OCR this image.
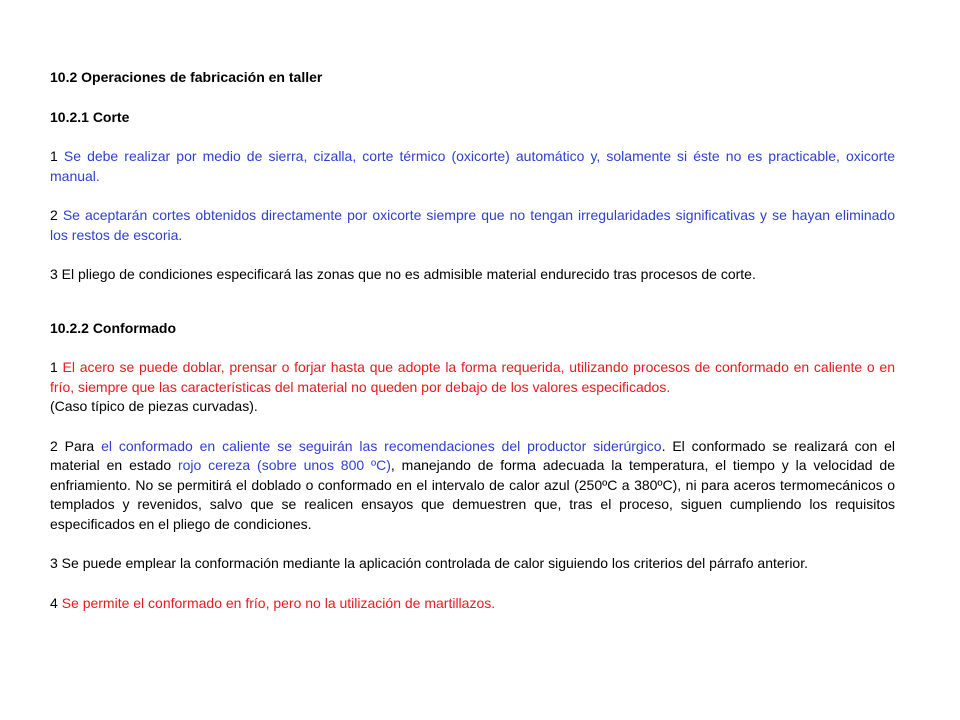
10.2 Operaciones de fabricación en taller

10.2.1 Corte

1 Se debe realizar por medio de sierra, cizalla, corte térmico (oxicorte) automático y, solamente si éste no es practicable, oxicorte manual.

2 Se aceptarán cortes obtenidos directamente por oxicorte siempre que no tengan irregularidades significativas y se hayan eliminado los restos de escoria.

3 El pliego de condiciones especificará las zonas que no es admisible material endurecido tras procesos de corte.

10.2.2 Conformado

1 El acero se puede doblar, prensar o forjar hasta que adopte la forma requerida, utilizando procesos de conformado en caliente o en frío, siempre que las características del material no queden por debajo de los valores especificados.

(Caso típico de piezas curvadas).

2 Para el conformado en caliente se seguirán las recomendaciones del productor siderúrgico. El conformado se realizará con el material en estado rojo cereza (sobre unos 800 ºC), manejando de forma adecuada la temperatura, el tiempo y la velocidad de enfriamiento. No se permitirá el doblado o conformado en el intervalo de calor azul (250ºC a 380ºC), ni para aceros termomecánicos o templados y revenidos, salvo que se realicen ensayos que demuestren que, tras el proceso, siguen cumpliendo los requisitos especificados en el pliego de condiciones.

3 Se puede emplear la conformación mediante la aplicación controlada de calor siguiendo los criterios del párrafo anterior.

4 Se permite el conformado en frío, pero no la utilización de martillazos.
